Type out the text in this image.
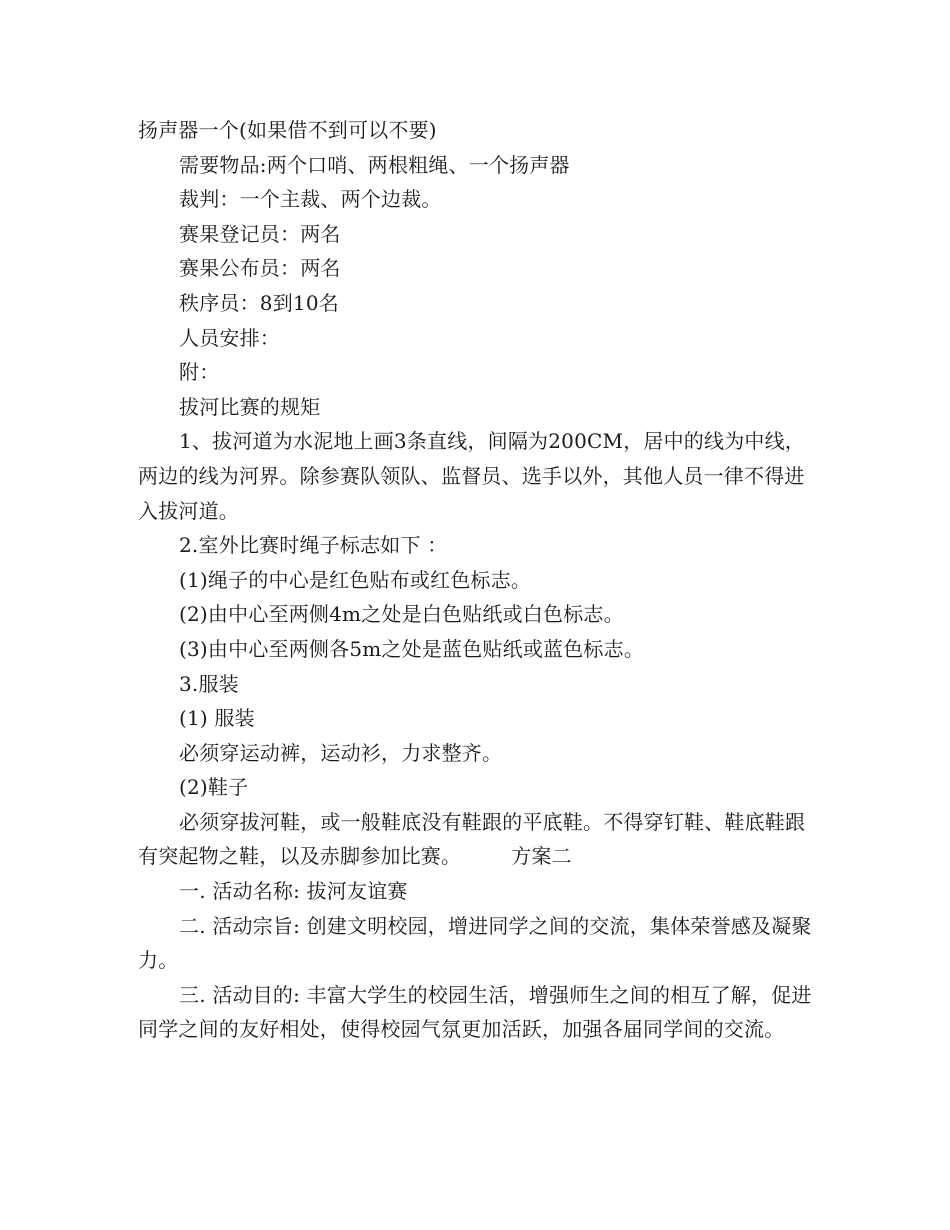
扬声器一个(如果借不到可以不要)

需要物品:两个口哨、两根粗绳、一个扬声器

裁判：一个主裁、两个边裁。

赛果登记员：两名

赛果公布员：两名

秩序员：8到10名

人员安排：

附：

拔河比赛的规矩

1、拔河道为水泥地上画3条直线，间隔为200CM，居中的线为中线，两边的线为河界。除参赛队领队、监督员、选手以外，其他人员一律不得进入拔河道。

2.室外比赛时绳子标志如下 ：

(1)绳子的中心是红色贴布或红色标志。

(2)由中心至两侧4m之处是白色贴纸或白色标志。

(3)由中心至两侧各5m之处是蓝色贴纸或蓝色标志。

3.服装

(1) 服装

必须穿运动裤，运动衫，力求整齐。

(2)鞋子

必须穿拔河鞋，或一般鞋底没有鞋跟的平底鞋。不得穿钉鞋、鞋底鞋跟有突起物之鞋，以及赤脚参加比赛。	方案二

一. 活动名称: 拔河友谊赛

二. 活动宗旨: 创建文明校园，增进同学之间的交流，集体荣誉感及凝聚力。

三. 活动目的: 丰富大学生的校园生活，增强师生之间的相互了解，促进同学之间的友好相处，使得校园气氛更加活跃，加强各届同学间的交流。
